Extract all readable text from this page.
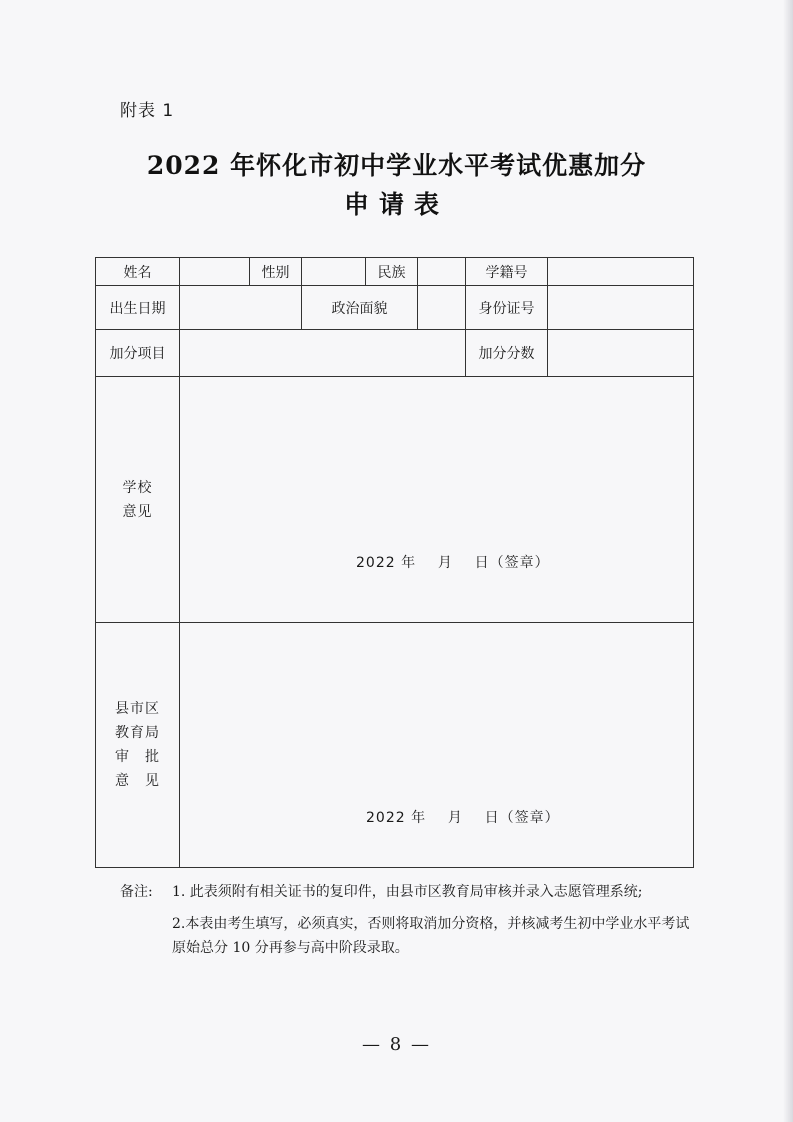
附表 1
2022 年怀化市初中学业水平考试优惠加分
申请表
姓名		性别		民族		学籍号	
出生日期			政治面貌			身份证号	
加分项目						加分分数	

学校
意见	2022 年    月    日（签章）						

县市区
教育局
审　批
意　见	2022 年    月    日（签章）						
备注:	1. 此表须附有相关证书的复印件，由县市区教育局审核并录入志愿管理系统;
2.本表由考生填写，必须真实，否则将取消加分资格，并核减考生初中学业水平考试原始总分 10 分再参与高中阶段录取。
— 8 —
